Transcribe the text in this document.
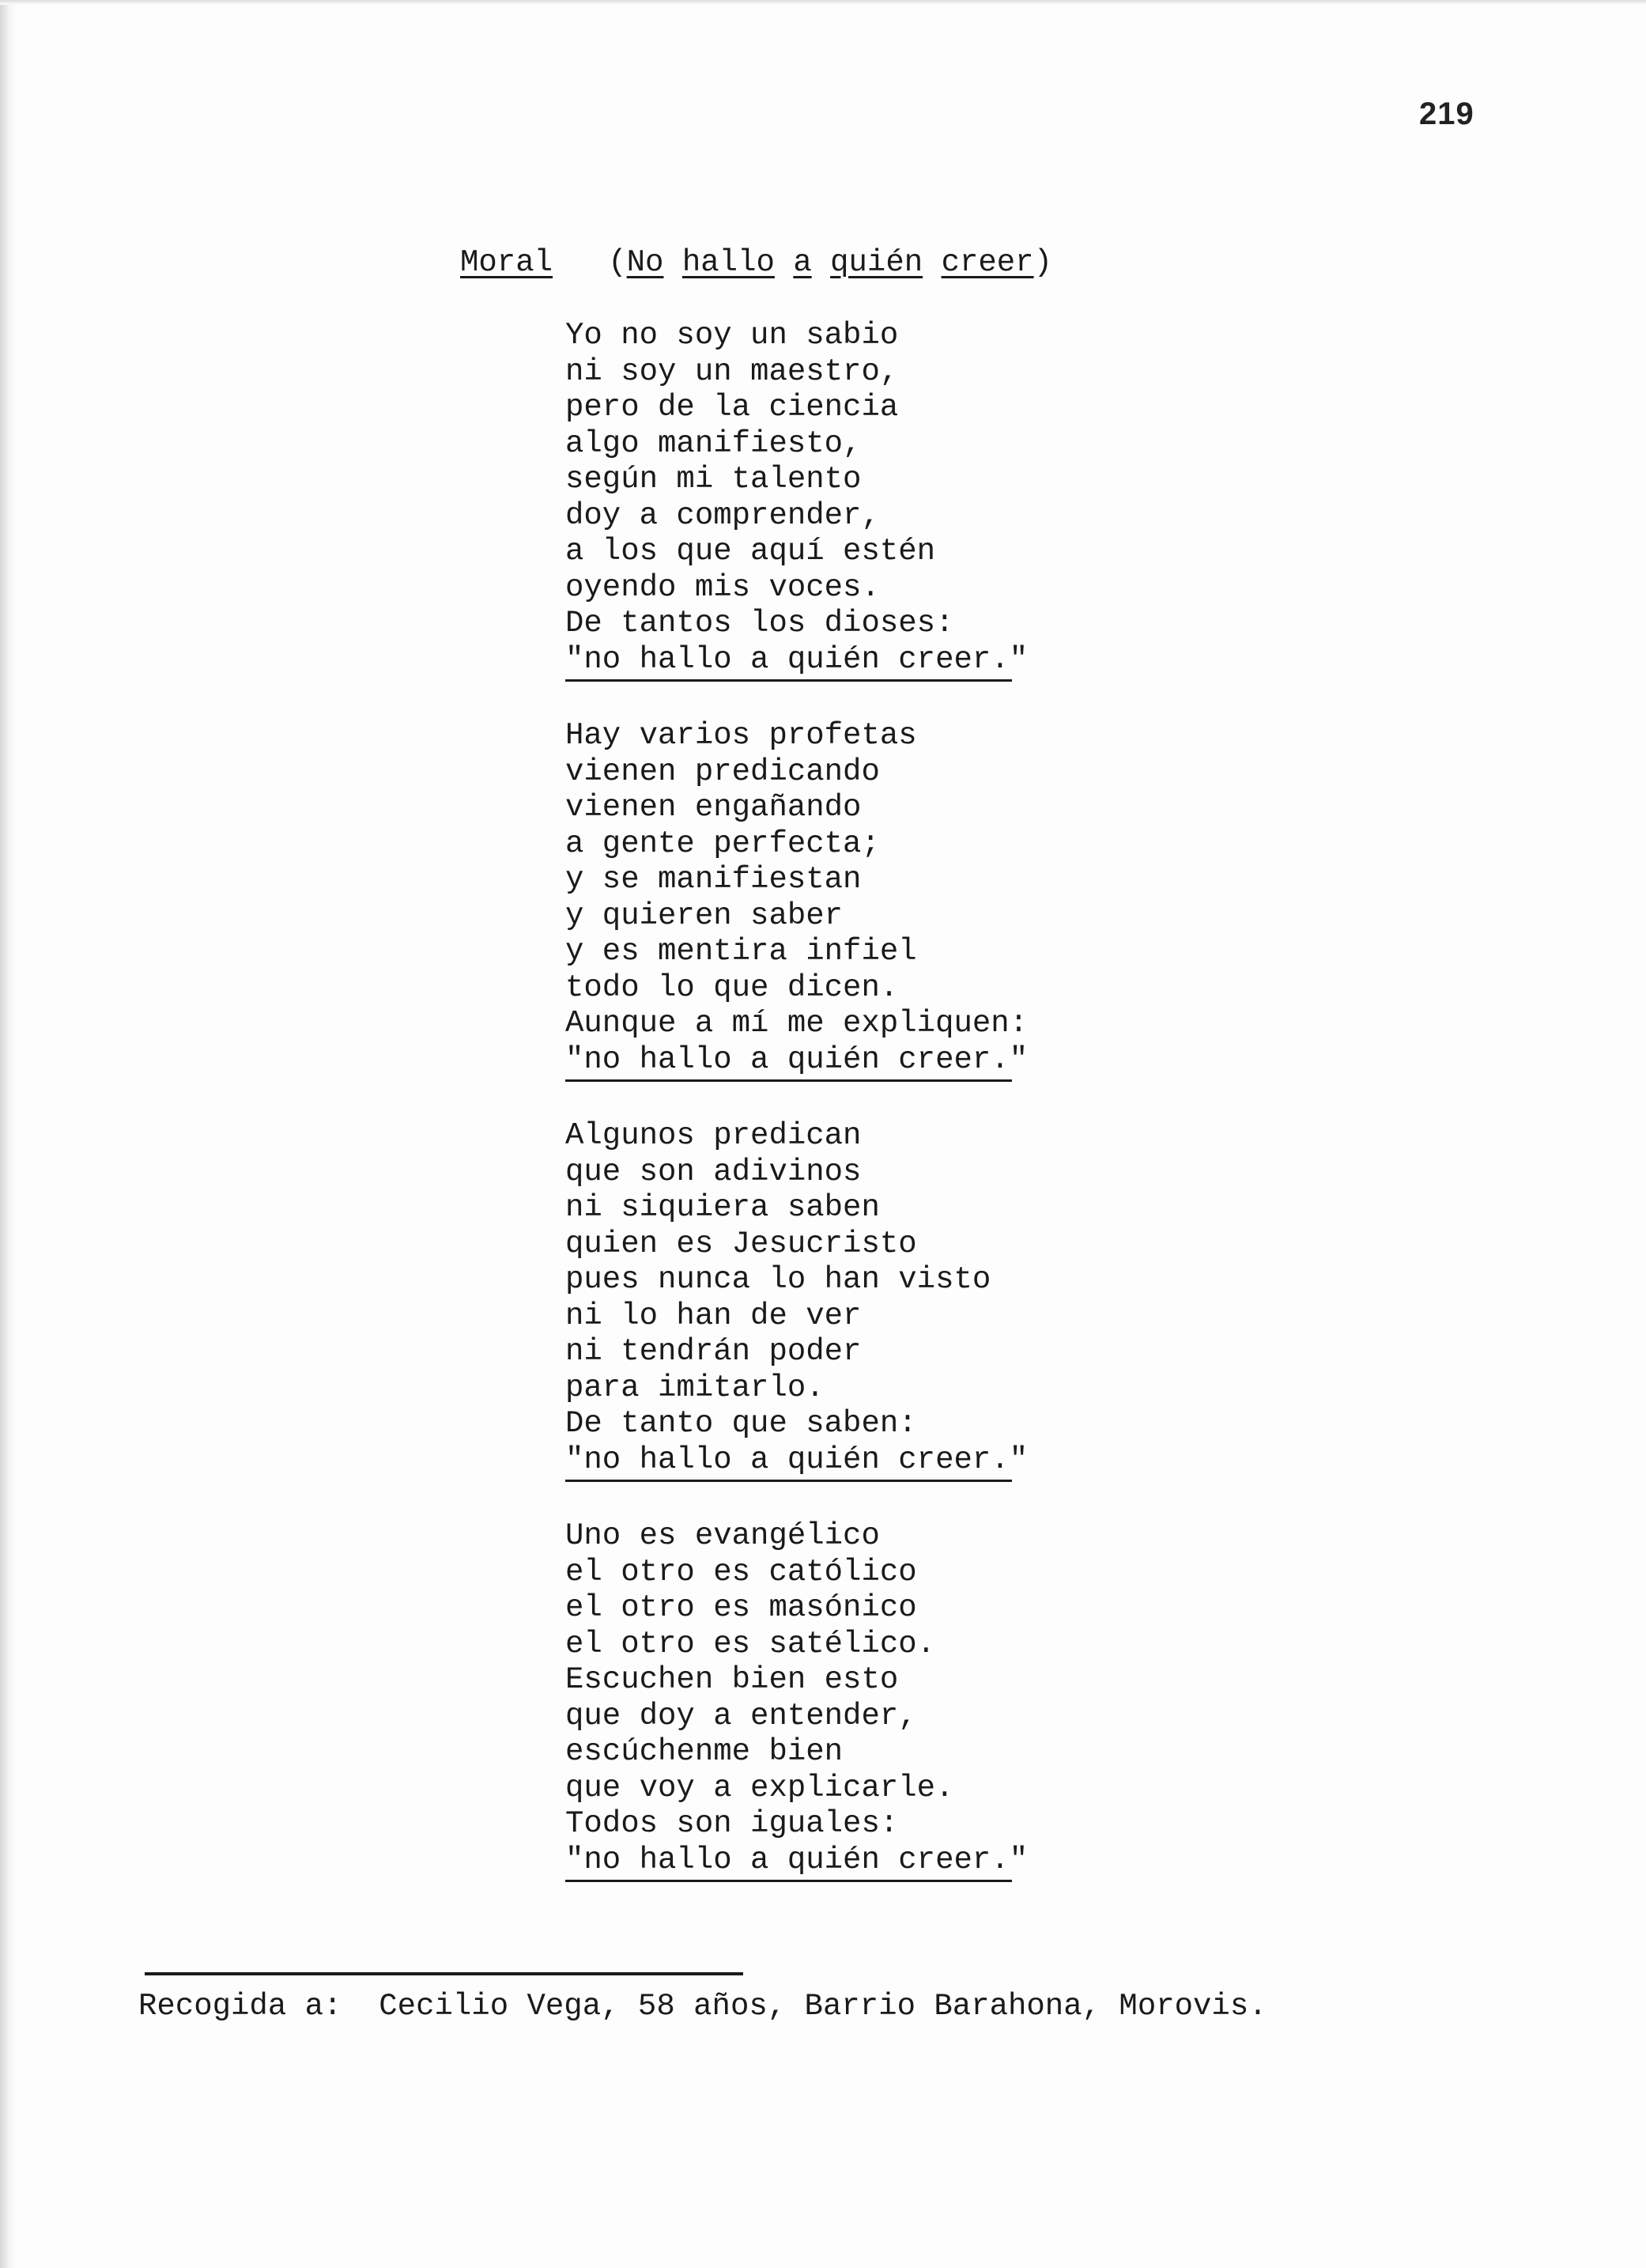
219
Moral (No hallo a quién creer)
Yo no soy un sabio
ni soy un maestro,
pero de la ciencia
algo manifiesto,
según mi talento
doy a comprender,
a los que aquí estén
oyendo mis voces.
De tantos los dioses:
"no hallo a quién creer."
Hay varios profetas
vienen predicando
vienen engañando
a gente perfecta;
y se manifiestan
y quieren saber
y es mentira infiel
todo lo que dicen.
Aunque a mí me expliquen:
"no hallo a quién creer."
Algunos predican
que son adivinos
ni siquiera saben
quien es Jesucristo
pues nunca lo han visto
ni lo han de ver
ni tendrán poder
para imitarlo.
De tanto que saben:
"no hallo a quién creer."
Uno es evangélico
el otro es católico
el otro es masónico
el otro es satélico.
Escuchen bien esto
que doy a entender,
escúchenme bien
que voy a explicarle.
Todos son iguales:
"no hallo a quién creer."
Recogida a: Cecilio Vega, 58 años, Barrio Barahona, Morovis.
